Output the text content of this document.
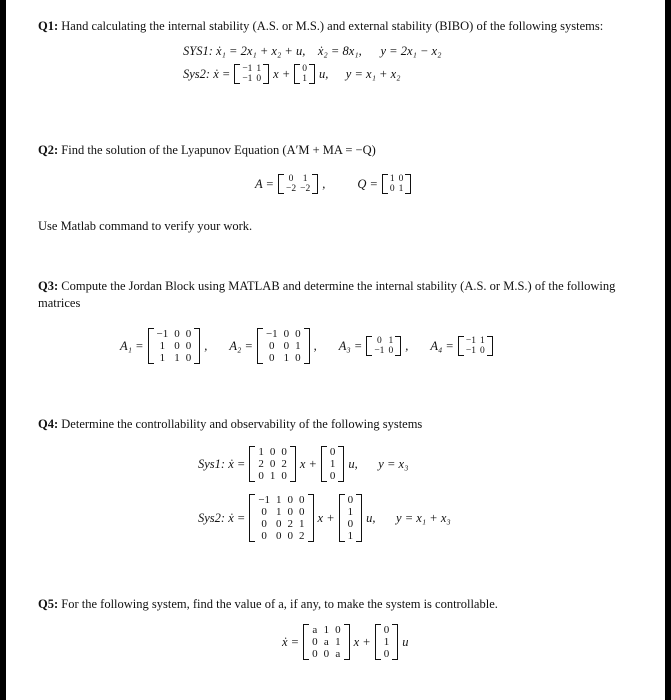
Q1: Hand calculating the internal stability (A.S. or M.S.) and external stability (BIBO) of the following systems:
SYS1: ẋ₁ = 2x₁ + x₂ + u, ẋ₂ = 8x₁, y = 2x₁ − x₂
Sys2: ẋ = −1	1
−1	0 x + 0
1 u,
y = x₁ + x₂
Q2: Find the solution of the Lyapunov Equation (A′M + MA = −Q)
A = 0	1
−2	−2 ,	Q = 1	0
0	1
Use Matlab command to verify your work.
Q3: Compute the Jordan Block using MATLAB and determine the internal stability (A.S. or M.S.) of the following matrices
A₁ =
−1	0	0
1	0	0
1	1	0
, A₂ =
−1	0	0
0	0	1
0	1	0
, A₃ = 0	1
−1	0 , A₄ = −1	1
−1	0
Q4: Determine the controllability and observability of the following systems
Sys1: ẋ =
1	0	0
2	0	2
0	1	0
x +
0
1
0
u,
y = x₃
Sys2: ẋ =
−1	1	0	0
0	1	0	0
0	0	2	1
0	0	0	2
x +
0
1
0
1
u,
y = x₁ + x₃
Q5: For the following system, find the value of a, if any, to make the system is controllable.
ẋ =
a	1	0
0	a	1
0	0	a
x +
0
1
0
u
